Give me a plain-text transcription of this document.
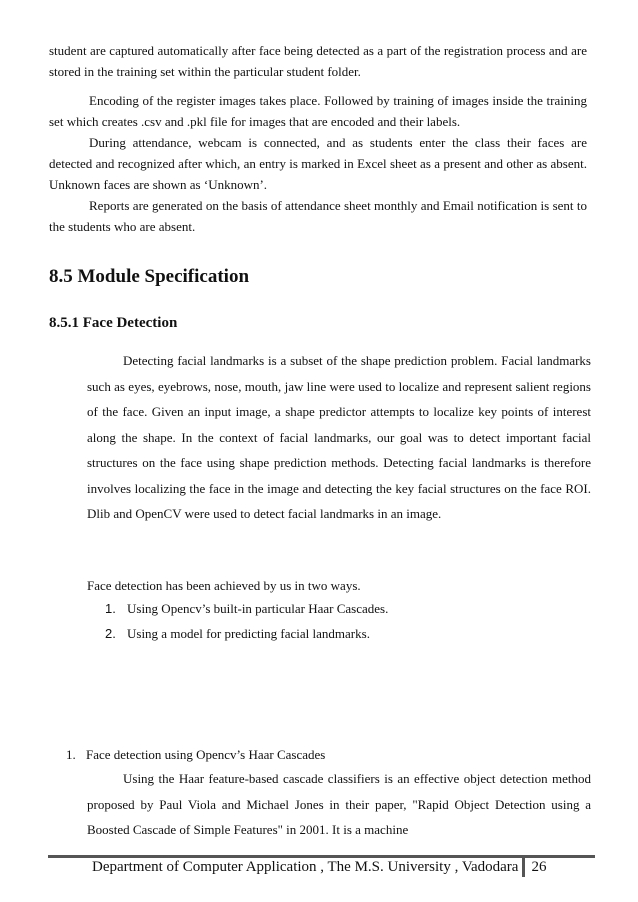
student are captured automatically after face being detected as a part of the registration process and are stored in the training set within the particular student folder.

Encoding of the register images takes place. Followed by training of images inside the training set which creates .csv and .pkl file for images that are encoded and their labels.

During attendance, webcam is connected, and as students enter the class their faces are detected and recognized after which, an entry is marked in Excel sheet as a present and other as absent. Unknown faces are shown as ‘Unknown’.

Reports are generated on the basis of attendance sheet monthly and Email notification is sent to the students who are absent.

8.5 Module Specification
8.5.1 Face Detection

Detecting facial landmarks is a subset of the shape prediction problem. Facial landmarks such as eyes, eyebrows, nose, mouth, jaw line were used to localize and represent salient regions of the face. Given an input image, a shape predictor attempts to localize key points of interest along the shape. In the context of facial landmarks, our goal was to detect important facial structures on the face using shape prediction methods. Detecting facial landmarks is therefore involves localizing the face in the image and detecting the key facial structures on the face ROI. Dlib and OpenCV were used to detect facial landmarks in an image.

Face detection has been achieved by us in two ways.

1. Using Opencv’s built-in particular Haar Cascades.
2. Using a model for predicting facial landmarks.
1. Face detection using Opencv’s Haar Cascades

Using the Haar feature-based cascade classifiers is an effective object detection method proposed by Paul Viola and Michael Jones in their paper, "Rapid Object Detection using a Boosted Cascade of Simple Features" in 2001. It is a machine

Department of Computer Application , The M.S. University , Vadodara 26
